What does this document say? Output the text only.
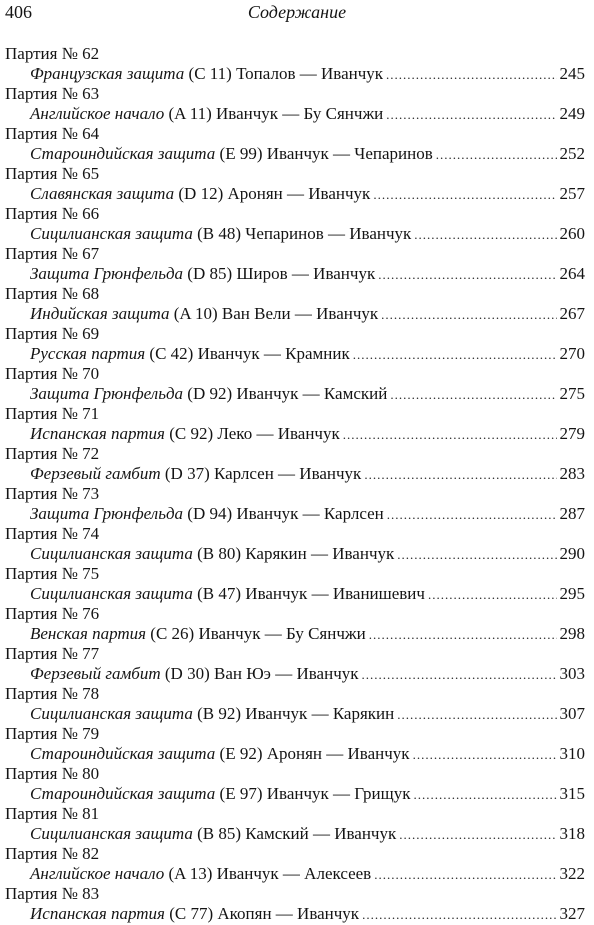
406	Содержание
Партия № 62
Французская защита (C 11) Топалов — Иванчук .....	245
Партия № 63
Английское начало (A 11) Иванчук — Бу Сянчжи .....	249
Партия № 64
Староиндийская защита (E 99) Иванчук — Чепаринов .....	252
Партия № 65
Славянская защита (D 12) Аронян — Иванчук .....	257
Партия № 66
Сицилианская защита (B 48) Чепаринов — Иванчук .....	260
Партия № 67
Защита Грюнфельда (D 85) Широв — Иванчук .....	264
Партия № 68
Индийская защита (A 10) Ван Вели — Иванчук .....	267
Партия № 69
Русская партия (C 42) Иванчук — Крамник .....	270
Партия № 70
Защита Грюнфельда (D 92) Иванчук — Камский .....	275
Партия № 71
Испанская партия (C 92) Леко — Иванчук .....	279
Партия № 72
Ферзевый гамбит (D 37) Карлсен — Иванчук .....	283
Партия № 73
Защита Грюнфельда (D 94) Иванчук — Карлсен .....	287
Партия № 74
Сицилианская защита (B 80) Карякин — Иванчук .....	290
Партия № 75
Сицилианская защита (B 47) Иванчук — Иванишевич .....	295
Партия № 76
Венская партия (C 26) Иванчук — Бу Сянчжи .....	298
Партия № 77
Ферзевый гамбит (D 30) Ван Юэ — Иванчук .....	303
Партия № 78
Сицилианская защита (B 92) Иванчук — Карякин .....	307
Партия № 79
Староиндийская защита (E 92) Аронян — Иванчук .....	310
Партия № 80
Староиндийская защита (E 97) Иванчук — Грищук .....	315
Партия № 81
Сицилианская защита (B 85) Камский — Иванчук .....	318
Партия № 82
Английское начало (A 13) Иванчук — Алексеев .....	322
Партия № 83
Испанская партия (C 77) Акопян — Иванчук .....	327
